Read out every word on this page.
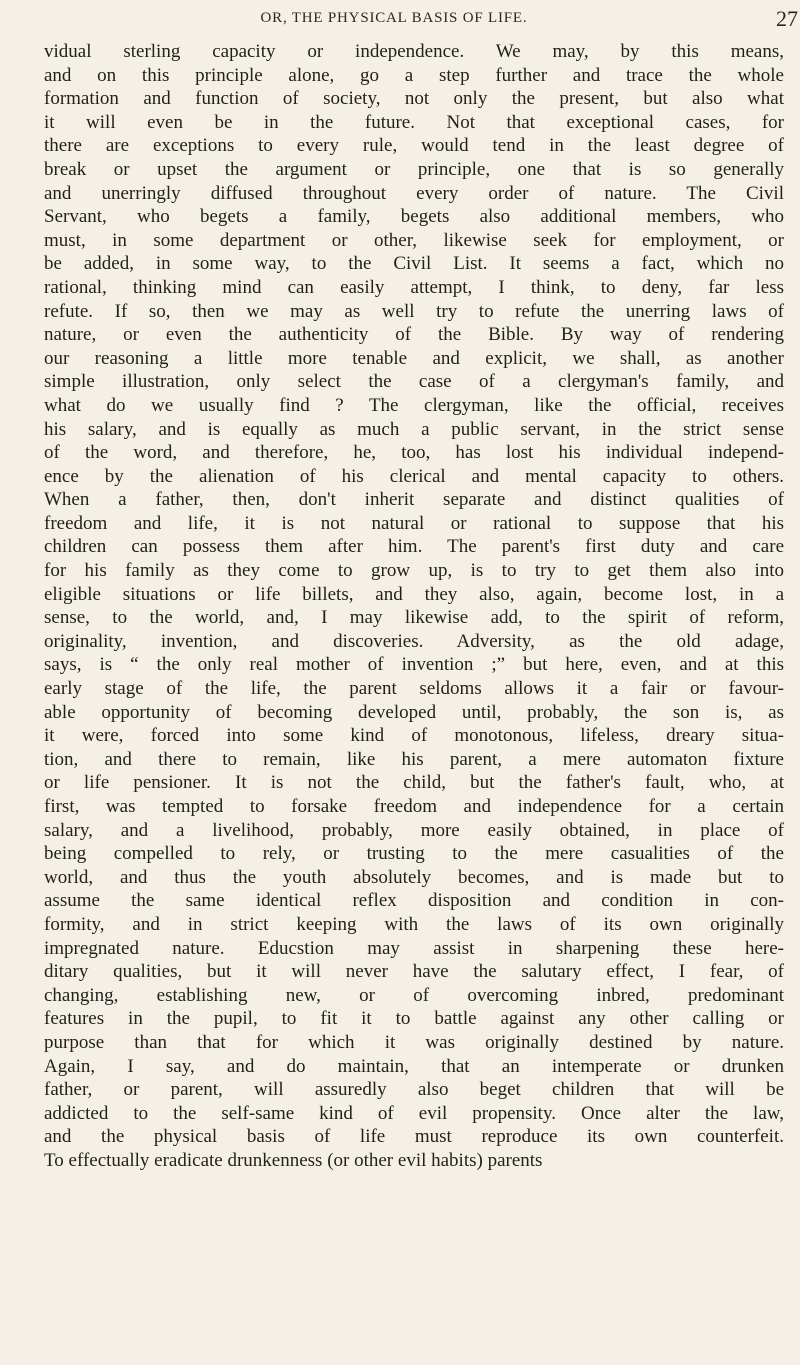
OR, THE PHYSICAL BASIS OF LIFE.	27
vidual sterling capacity or independence. We may, by this means,
and on this principle alone, go a step further and trace the whole
formation and function of society, not only the present, but also what
it will even be in the future. Not that exceptional cases, for
there are exceptions to every rule, would tend in the least degree of
break or upset the argument or principle, one that is so generally
and unerringly diffused throughout every order of nature. The Civil
Servant, who begets a family, begets also additional members, who
must, in some department or other, likewise seek for employment, or
be added, in some way, to the Civil List. It seems a fact, which no
rational, thinking mind can easily attempt, I think, to deny, far less
refute. If so, then we may as well try to refute the unerring laws of
nature, or even the authenticity of the Bible. By way of rendering
our reasoning a little more tenable and explicit, we shall, as another
simple illustration, only select the case of a clergyman's family, and
what do we usually find ? The clergyman, like the official, receives
his salary, and is equally as much a public servant, in the strict sense
of the word, and therefore, he, too, has lost his individual independ-
ence by the alienation of his clerical and mental capacity to others.
When a father, then, don't inherit separate and distinct qualities of
freedom and life, it is not natural or rational to suppose that his
children can possess them after him. The parent's first duty and care
for his family as they come to grow up, is to try to get them also into
eligible situations or life billets, and they also, again, become lost, in a
sense, to the world, and, I may likewise add, to the spirit of reform,
originality, invention, and discoveries. Adversity, as the old adage,
says, is “ the only real mother of invention ;” but here, even, and at this
early stage of the life, the parent seldoms allows it a fair or favour-
able opportunity of becoming developed until, probably, the son is, as
it were, forced into some kind of monotonous, lifeless, dreary situa-
tion, and there to remain, like his parent, a mere automaton fixture
or life pensioner. It is not the child, but the father's fault, who, at
first, was tempted to forsake freedom and independence for a certain
salary, and a livelihood, probably, more easily obtained, in place of
being compelled to rely, or trusting to the mere casualities of the
world, and thus the youth absolutely becomes, and is made but to
assume the same identical reflex disposition and condition in con-
formity, and in strict keeping with the laws of its own originally
impregnated nature. Educstion may assist in sharpening these here-
ditary qualities, but it will never have the salutary effect, I fear, of
changing, establishing new, or of overcoming inbred, predominant
features in the pupil, to fit it to battle against any other calling or
purpose than that for which it was originally destined by nature.
Again, I say, and do maintain, that an intemperate or drunken
father, or parent, will assuredly also beget children that will be
addicted to the self-same kind of evil propensity. Once alter the law,
and the physical basis of life must reproduce its own counterfeit.
To effectually eradicate drunkenness (or other evil habits) parents
